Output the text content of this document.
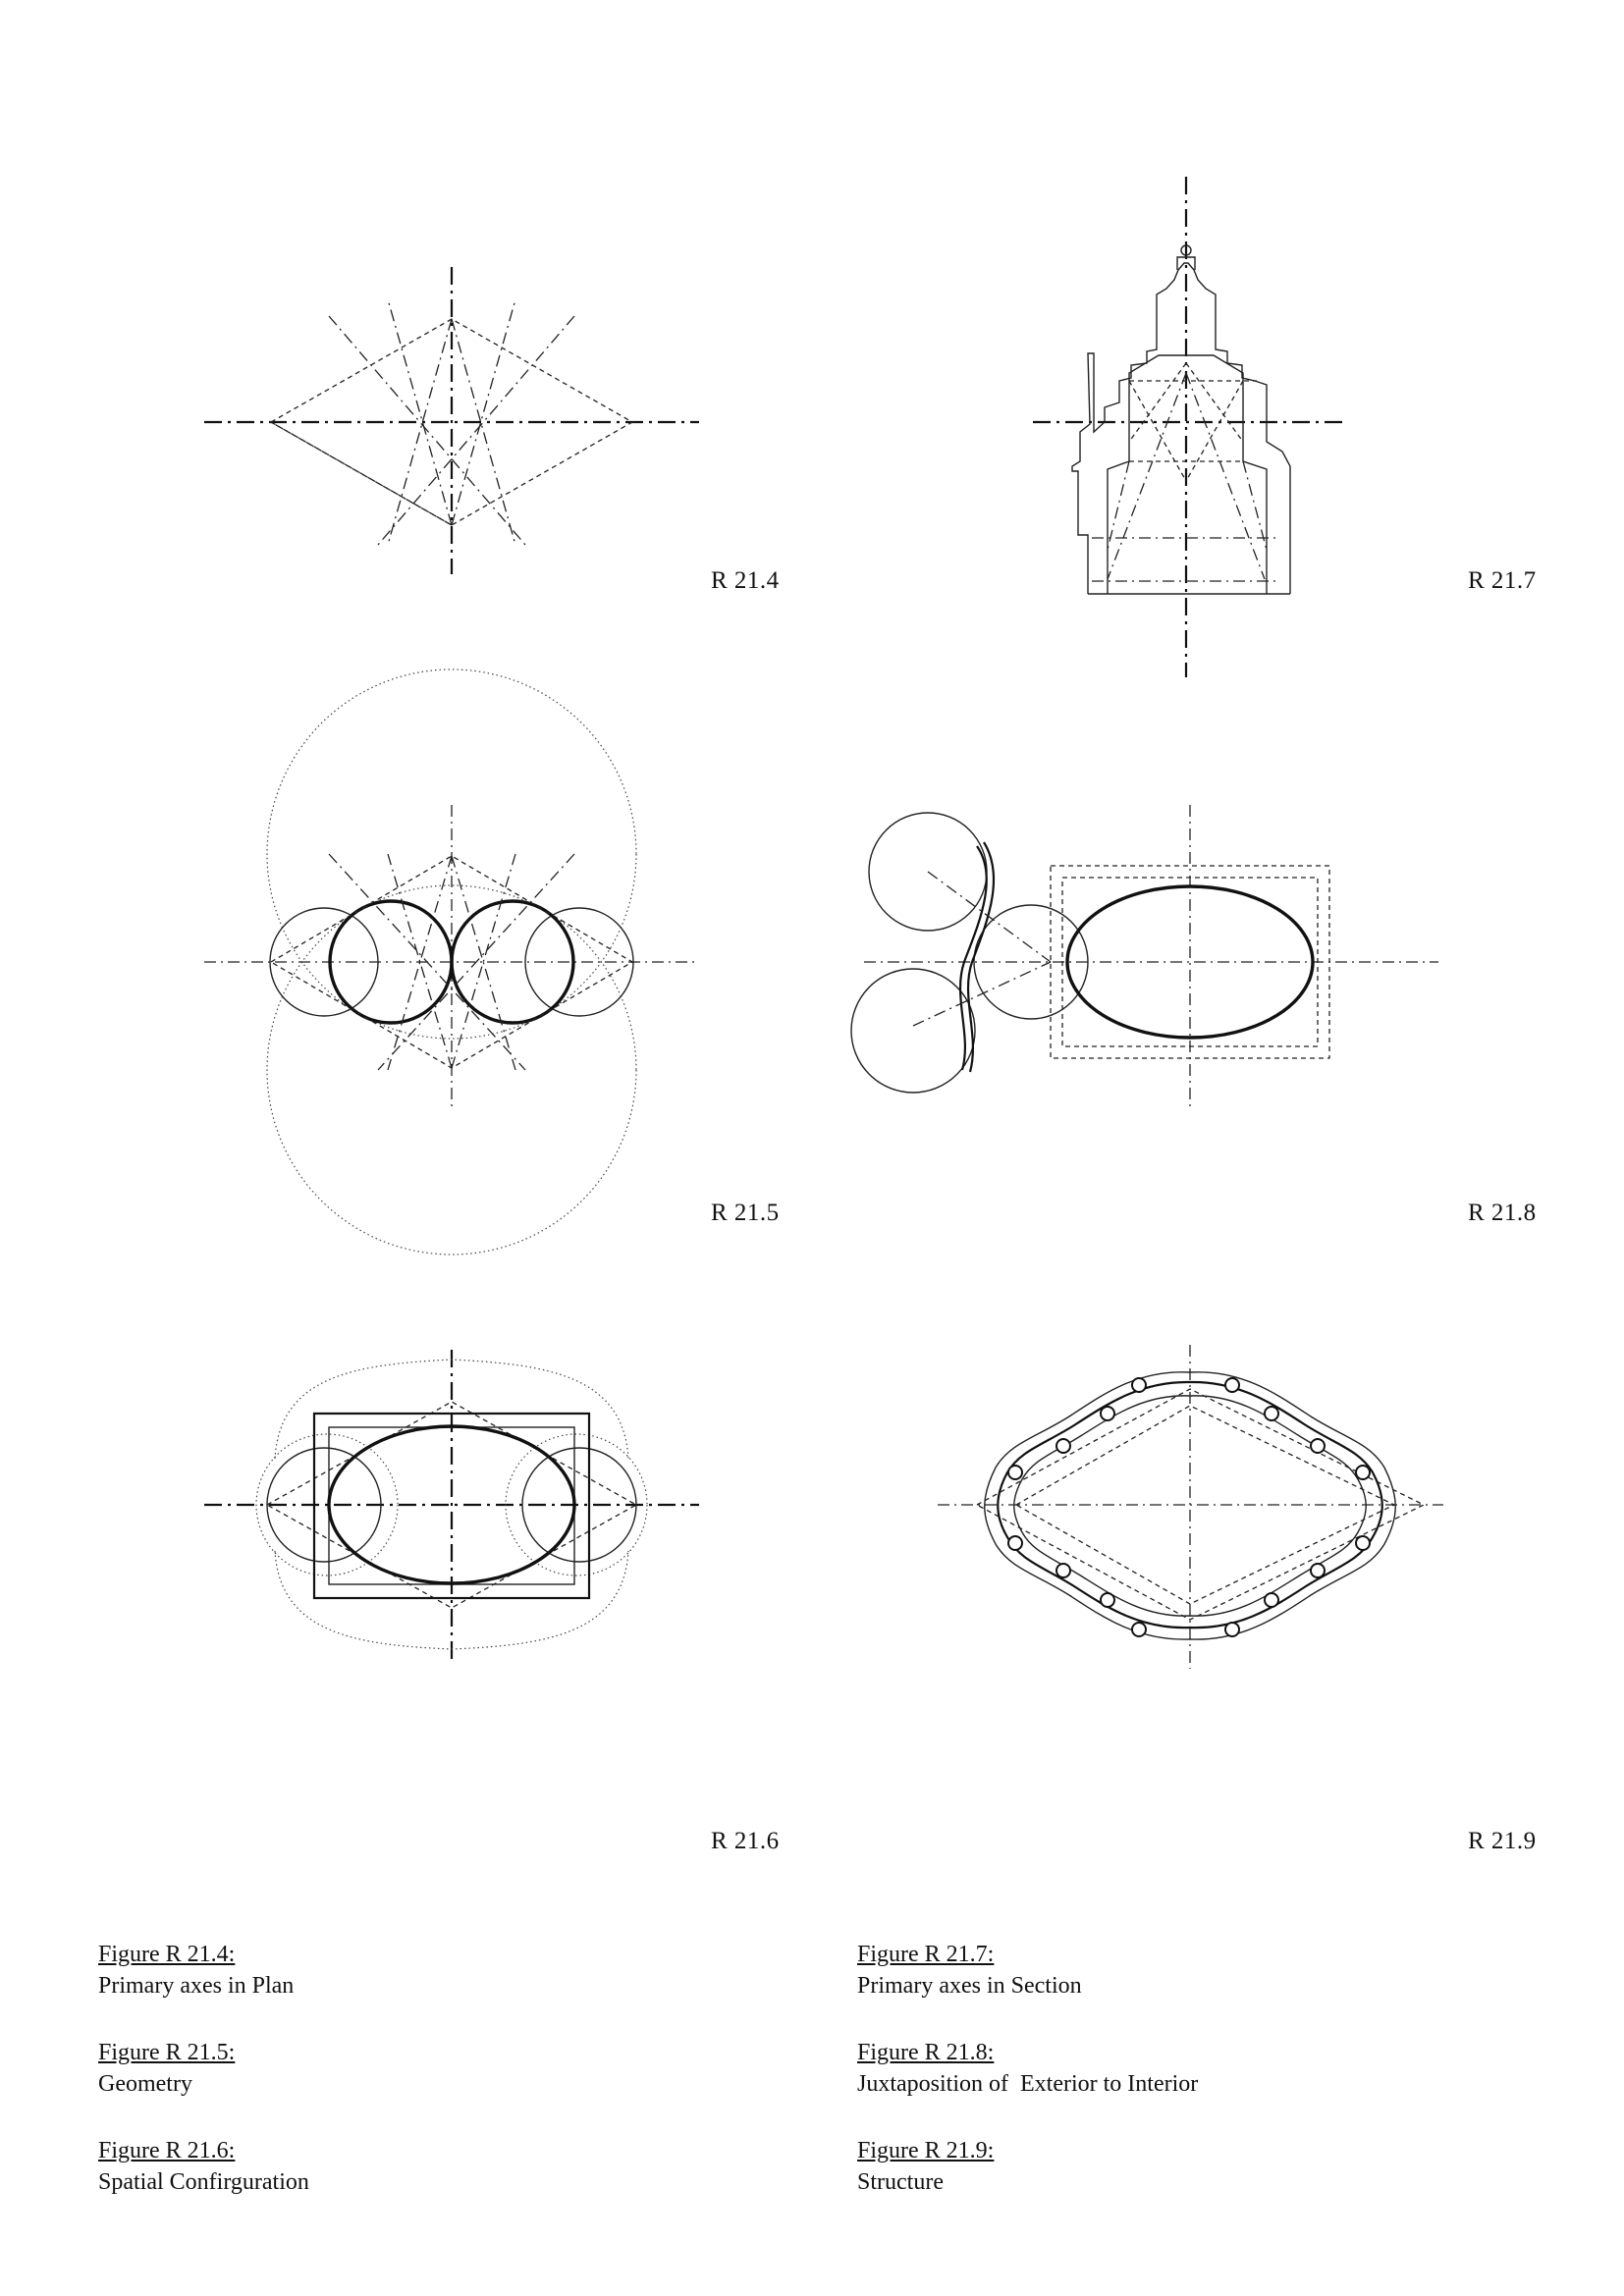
R 21.4	R 21.7
R 21.5	R 21.8
R 21.6	R 21.9
Figure R 21.4:
Primary axes in Plan
Figure R 21.5:
Geometry
Figure R 21.6:
Spatial Confirguration
Figure R 21.7:
Primary axes in Section
Figure R 21.8:
Juxtaposition of  Exterior to Interior
Figure R 21.9:
Structure
